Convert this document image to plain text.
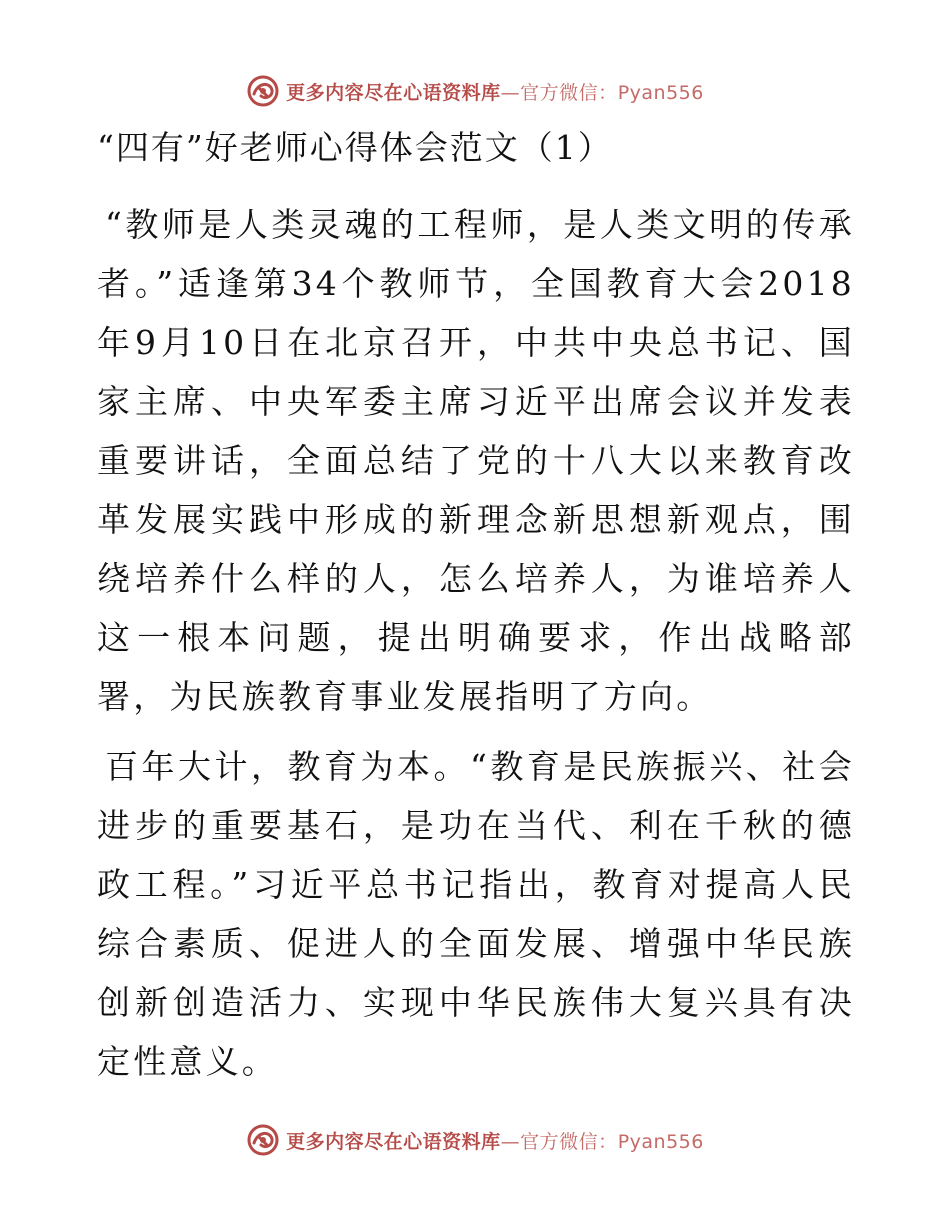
更多内容尽在心语资料库—官方微信：Pyan556
“四有”好老师心得体会范文（1）

“教师是人类灵魂的工程师，是人类文明的传承者。”适逢第34个教师节，全国教育大会2018年9月10日在北京召开，中共中央总书记、国家主席、中央军委主席习近平出席会议并发表重要讲话，全面总结了党的十八大以来教育改革发展实践中形成的新理念新思想新观点，围绕培养什么样的人，怎么培养人，为谁培养人这一根本问题，提出明确要求，作出战略部署，为民族教育事业发展指明了方向。

百年大计，教育为本。“教育是民族振兴、社会进步的重要基石，是功在当代、利在千秋的德政工程。”习近平总书记指出，教育对提高人民综合素质、促进人的全面发展、增强中华民族创新创造活力、实现中华民族伟大复兴具有决定性意义。

更多内容尽在心语资料库—官方微信：Pyan556
